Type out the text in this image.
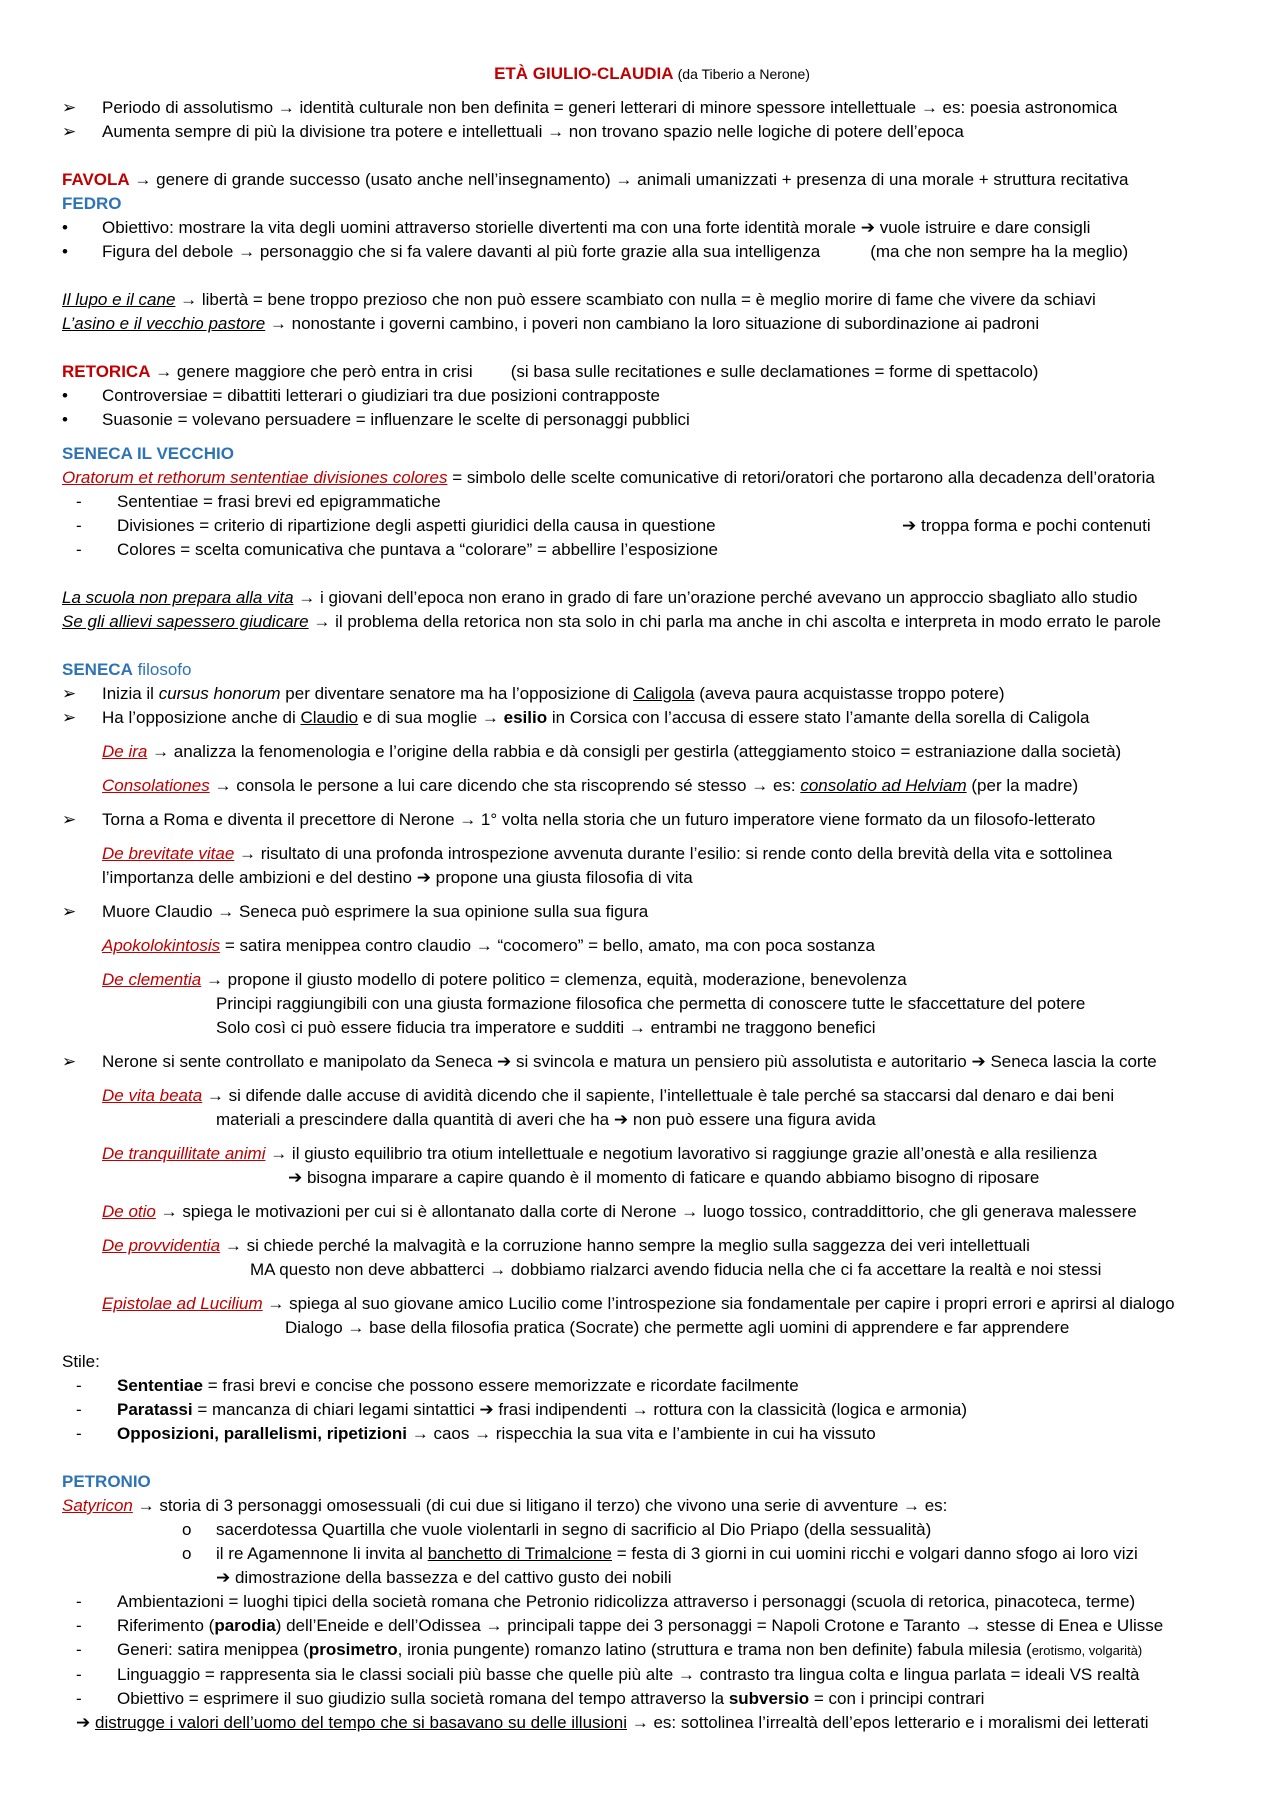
ETÀ GIULIO-CLAUDIA (da Tiberio a Nerone)
➢	Periodo di assolutismo → identità culturale non ben definita = generi letterari di minore spessore intellettuale → es: poesia astronomica
➢	Aumenta sempre di più la divisione tra potere e intellettuali → non trovano spazio nelle logiche di potere dell’epoca
FAVOLA → genere di grande successo (usato anche nell’insegnamento) → animali umanizzati + presenza di una morale + struttura recitativa
FEDRO
•	Obiettivo: mostrare la vita degli uomini attraverso storielle divertenti ma con una forte identità morale ➔ vuole istruire e dare consigli
•	Figura del debole → personaggio che si fa valere davanti al più forte grazie alla sua intelligenza	(ma che non sempre ha la meglio)
Il lupo e il cane → libertà = bene troppo prezioso che non può essere scambiato con nulla = è meglio morire di fame che vivere da schiavi
L’asino e il vecchio pastore → nonostante i governi cambino, i poveri non cambiano la loro situazione di subordinazione ai padroni
RETORICA → genere maggiore che però entra in crisi (si basa sulle recitationes e sulle declamationes = forme di spettacolo)
•	Controversiae = dibattiti letterari o giudiziari tra due posizioni contrapposte
•	Suasonie = volevano persuadere = influenzare le scelte di personaggi pubblici
SENECA IL VECCHIO
Oratorum et rethorum sententiae divisiones colores = simbolo delle scelte comunicative di retori/oratori che portarono alla decadenza dell’oratoria
-	Sententiae = frasi brevi ed epigrammatiche
-	Divisiones = criterio di ripartizione degli aspetti giuridici della causa in questione	➔ troppa forma e pochi contenuti
-	Colores = scelta comunicativa che puntava a “colorare” = abbellire l’esposizione
La scuola non prepara alla vita → i giovani dell’epoca non erano in grado di fare un’orazione perché avevano un approccio sbagliato allo studio
Se gli allievi sapessero giudicare → il problema della retorica non sta solo in chi parla ma anche in chi ascolta e interpreta in modo errato le parole
SENECA filosofo
➢	Inizia il cursus honorum per diventare senatore ma ha l’opposizione di Caligola (aveva paura acquistasse troppo potere)
➢	Ha l’opposizione anche di Claudio e di sua moglie → esilio in Corsica con l’accusa di essere stato l’amante della sorella di Caligola
De ira → analizza la fenomenologia e l’origine della rabbia e dà consigli per gestirla (atteggiamento stoico = estraniazione dalla società)
Consolationes → consola le persone a lui care dicendo che sta riscoprendo sé stesso → es: consolatio ad Helviam (per la madre)
➢	Torna a Roma e diventa il precettore di Nerone → 1° volta nella storia che un futuro imperatore viene formato da un filosofo-letterato
De brevitate vitae → risultato di una profonda introspezione avvenuta durante l’esilio: si rende conto della brevità della vita e sottolinea
l’importanza delle ambizioni e del destino ➔ propone una giusta filosofia di vita
➢	Muore Claudio → Seneca può esprimere la sua opinione sulla sua figura
Apokolokintosis = satira menippea contro claudio → “cocomero” = bello, amato, ma con poca sostanza
De clementia → propone il giusto modello di potere politico = clemenza, equità, moderazione, benevolenza
Principi raggiungibili con una giusta formazione filosofica che permetta di conoscere tutte le sfaccettature del potere
Solo così ci può essere fiducia tra imperatore e sudditi → entrambi ne traggono benefici
➢	Nerone si sente controllato e manipolato da Seneca ➔ si svincola e matura un pensiero più assolutista e autoritario ➔ Seneca lascia la corte
De vita beata → si difende dalle accuse di avidità dicendo che il sapiente, l’intellettuale è tale perché sa staccarsi dal denaro e dai beni
materiali a prescindere dalla quantità di averi che ha ➔ non può essere una figura avida
De tranquillitate animi → il giusto equilibrio tra otium intellettuale e negotium lavorativo si raggiunge grazie all’onestà e alla resilienza
➔ bisogna imparare a capire quando è il momento di faticare e quando abbiamo bisogno di riposare
De otio → spiega le motivazioni per cui si è allontanato dalla corte di Nerone → luogo tossico, contraddittorio, che gli generava malessere
De provvidentia → si chiede perché la malvagità e la corruzione hanno sempre la meglio sulla saggezza dei veri intellettuali
MA questo non deve abbatterci → dobbiamo rialzarci avendo fiducia nella che ci fa accettare la realtà e noi stessi
Epistolae ad Lucilium → spiega al suo giovane amico Lucilio come l’introspezione sia fondamentale per capire i propri errori e aprirsi al dialogo
Dialogo → base della filosofia pratica (Socrate) che permette agli uomini di apprendere e far apprendere
Stile:
-	Sententiae = frasi brevi e concise che possono essere memorizzate e ricordate facilmente
-	Paratassi = mancanza di chiari legami sintattici ➔ frasi indipendenti → rottura con la classicità (logica e armonia)
-	Opposizioni, parallelismi, ripetizioni → caos → rispecchia la sua vita e l’ambiente in cui ha vissuto
PETRONIO
Satyricon → storia di 3 personaggi omosessuali (di cui due si litigano il terzo) che vivono una serie di avventure → es:
o	sacerdotessa Quartilla che vuole violentarli in segno di sacrificio al Dio Priapo (della sessualità)
o	il re Agamennone li invita al banchetto di Trimalcione = festa di 3 giorni in cui uomini ricchi e volgari danno sfogo ai loro vizi
➔ dimostrazione della bassezza e del cattivo gusto dei nobili
-	Ambientazioni = luoghi tipici della società romana che Petronio ridicolizza attraverso i personaggi (scuola di retorica, pinacoteca, terme)
-	Riferimento (parodia) dell’Eneide e dell’Odissea → principali tappe dei 3 personaggi = Napoli Crotone e Taranto → stesse di Enea e Ulisse
-	Generi: satira menippea (prosimetro, ironia pungente) romanzo latino (struttura e trama non ben definite) fabula milesia (erotismo, volgarità)
-	Linguaggio = rappresenta sia le classi sociali più basse che quelle più alte → contrasto tra lingua colta e lingua parlata = ideali VS realtà
-	Obiettivo = esprimere il suo giudizio sulla società romana del tempo attraverso la subversio = con i principi contrari
➔ distrugge i valori dell’uomo del tempo che si basavano su delle illusioni → es: sottolinea l’irrealtà dell’epos letterario e i moralismi dei letterati
